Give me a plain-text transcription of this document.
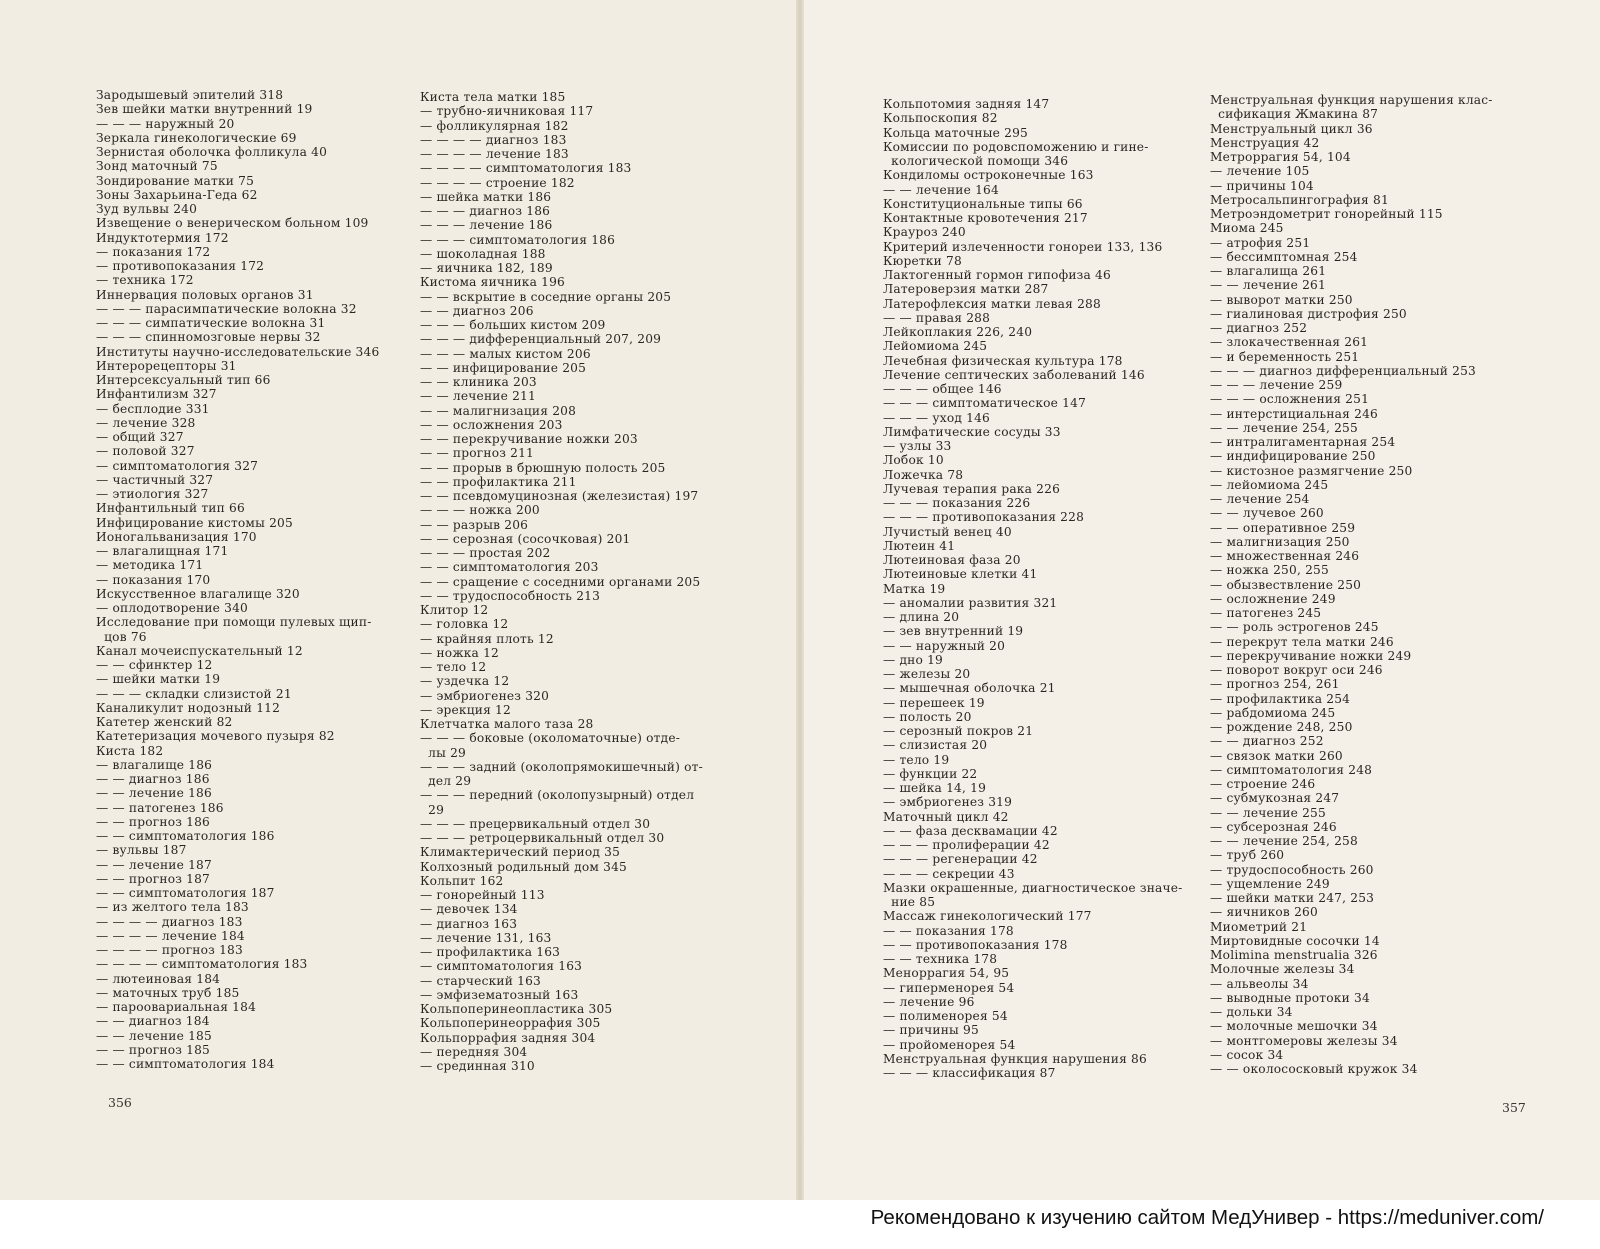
Зародышевый эпителий 318
Зев шейки матки внутренний 19
— — — наружный 20
Зеркала гинекологические 69
Зернистая оболочка фолликула 40
Зонд маточный 75
Зондирование матки 75
Зоны Захарьина-Геда 62
Зуд вульвы 240
Извещение о венерическом больном 109
Индуктотермия 172
— показания 172
— противопоказания 172
— техника 172
Иннервация половых органов 31
— — — парасимпатические волокна 32
— — — симпатические волокна 31
— — — спинномозговые нервы 32
Институты научно-исследовательские 346
Интерорецепторы 31
Интерсексуальный тип 66
Инфантилизм 327
— бесплодие 331
— лечение 328
— общий 327
— половой 327
— симптоматология 327
— частичный 327
— этиология 327
Инфантильный тип 66
Инфицирование кистомы 205
Ионогальванизация 170
— влагалищная 171
— методика 171
— показания 170
Искусственное влагалище 320
— оплодотворение 340
Исследование при помощи пулевых щип-
цов 76
Канал мочеиспускательный 12
— — сфинктер 12
— шейки матки 19
— — — складки слизистой 21
Каналикулит нодозный 112
Катетер женский 82
Катетеризация мочевого пузыря 82
Киста 182
— влагалище 186
— — диагноз 186
— — лечение 186
— — патогенез 186
— — прогноз 186
— — симптоматология 186
— вульвы 187
— — лечение 187
— — прогноз 187
— — симптоматология 187
— из желтого тела 183
— — — — диагноз 183
— — — — лечение 184
— — — — прогноз 183
— — — — симптоматология 183
— лютеиновая 184
— маточных труб 185
— пароовариальная 184
— — диагноз 184
— — лечение 185
— — прогноз 185
— — симптоматология 184
Киста тела матки 185
— трубно-яичниковая 117
— фолликулярная 182
— — — — диагноз 183
— — — — лечение 183
— — — — симптоматология 183
— — — — строение 182
— шейка матки 186
— — — диагноз 186
— — — лечение 186
— — — симптоматология 186
— шоколадная 188
— яичника 182, 189
Кистома яичника 196
— — вскрытие в соседние органы 205
— — диагноз 206
— — — больших кистом 209
— — — дифференциальный 207, 209
— — — малых кистом 206
— — инфицирование 205
— — клиника 203
— — лечение 211
— — малигнизация 208
— — осложнения 203
— — перекручивание ножки 203
— — прогноз 211
— — прорыв в брюшную полость 205
— — профилактика 211
— — псевдомуцинозная (железистая) 197
— — — ножка 200
— — разрыв 206
— — серозная (сосочковая) 201
— — — простая 202
— — симптоматология 203
— — сращение с соседними органами 205
— — трудоспособность 213
Клитор 12
— головка 12
— крайняя плоть 12
— ножка 12
— тело 12
— уздечка 12
— эмбриогенез 320
— эрекция 12
Клетчатка малого таза 28
— — — боковые (околоматочные) отде-
лы 29
— — — задний (околопрямокишечный) от-
дел 29
— — — передний (околопузырный) отдел
29
— — — прецервикальный отдел 30
— — — ретроцервикальный отдел 30
Климактерический период 35
Колхозный родильный дом 345
Кольпит 162
— гонорейный 113
— девочек 134
— диагноз 163
— лечение 131, 163
— профилактика 163
— симптоматология 163
— старческий 163
— эмфизематозный 163
Кольпоперинеопластика 305
Кольпоперинеоррафия 305
Кольпоррафия задняя 304
— передняя 304
— срединная 310
Кольпотомия задняя 147
Кольпоскопия 82
Кольца маточные 295
Комиссии по родовспоможению и гине-
кологической помощи 346
Кондиломы остроконечные 163
— — лечение 164
Конституциональные типы 66
Контактные кровотечения 217
Крауроз 240
Критерий излеченности гонореи 133, 136
Кюретки 78
Лактогенный гормон гипофиза 46
Латероверзия матки 287
Латерофлексия матки левая 288
— — правая 288
Лейкоплакия 226, 240
Лейомиома 245
Лечебная физическая культура 178
Лечение септических заболеваний 146
— — — общее 146
— — — симптоматическое 147
— — — уход 146
Лимфатические сосуды 33
— узлы 33
Лобок 10
Ложечка 78
Лучевая терапия рака 226
— — — показания 226
— — — противопоказания 228
Лучистый венец 40
Лютеин 41
Лютеиновая фаза 20
Лютеиновые клетки 41
Матка 19
— аномалии развития 321
— длина 20
— зев внутренний 19
— — наружный 20
— дно 19
— железы 20
— мышечная оболочка 21
— перешеек 19
— полость 20
— серозный покров 21
— слизистая 20
— тело 19
— функции 22
— шейка 14, 19
— эмбриогенез 319
Маточный цикл 42
— — фаза десквамации 42
— — — пролиферации 42
— — — регенерации 42
— — — секреции 43
Мазки окрашенные, диагностическое значе-
ние 85
Массаж гинекологический 177
— — показания 178
— — противопоказания 178
— — техника 178
Меноррагия 54, 95
— гиперменорея 54
— лечение 96
— полименорея 54
— причины 95
— пройоменорея 54
Менструальная функция нарушения 86
— — — классификация 87
Менструальная функция нарушения клас-
сификация Жмакина 87
Менструальный цикл 36
Менструация 42
Метроррагия 54, 104
— лечение 105
— причины 104
Метросальпингография 81
Метроэндометрит гонорейный 115
Миома 245
— атрофия 251
— бессимптомная 254
— влагалища 261
— — лечение 261
— выворот матки 250
— гиалиновая дистрофия 250
— диагноз 252
— злокачественная 261
— и беременность 251
— — — диагноз дифференциальный 253
— — — лечение 259
— — — осложнения 251
— интерстициальная 246
— — лечение 254, 255
— интралигаментарная 254
— индифицирование 250
— кистозное размягчение 250
— лейомиома 245
— лечение 254
— — лучевое 260
— — оперативное 259
— малигнизация 250
— множественная 246
— ножка 250, 255
— обызвествление 250
— осложнение 249
— патогенез 245
— — роль эстрогенов 245
— перекрут тела матки 246
— перекручивание ножки 249
— поворот вокруг оси 246
— прогноз 254, 261
— профилактика 254
— рабдомиома 245
— рождение 248, 250
— — диагноз 252
— связок матки 260
— симптоматология 248
— строение 246
— субмукозная 247
— — лечение 255
— субсерозная 246
— — лечение 254, 258
— труб 260
— трудоспособность 260
— ущемление 249
— шейки матки 247, 253
— яичников 260
Миометрий 21
Миртовидные сосочки 14
Molimina menstrualia 326
Молочные железы 34
— альвеолы 34
— выводные протоки 34
— дольки 34
— молочные мешочки 34
— монтгомеровы железы 34
— сосок 34
— — околососковый кружок 34
356	357
Рекомендовано к изучению сайтом МедУнивер - https://meduniver.com/
